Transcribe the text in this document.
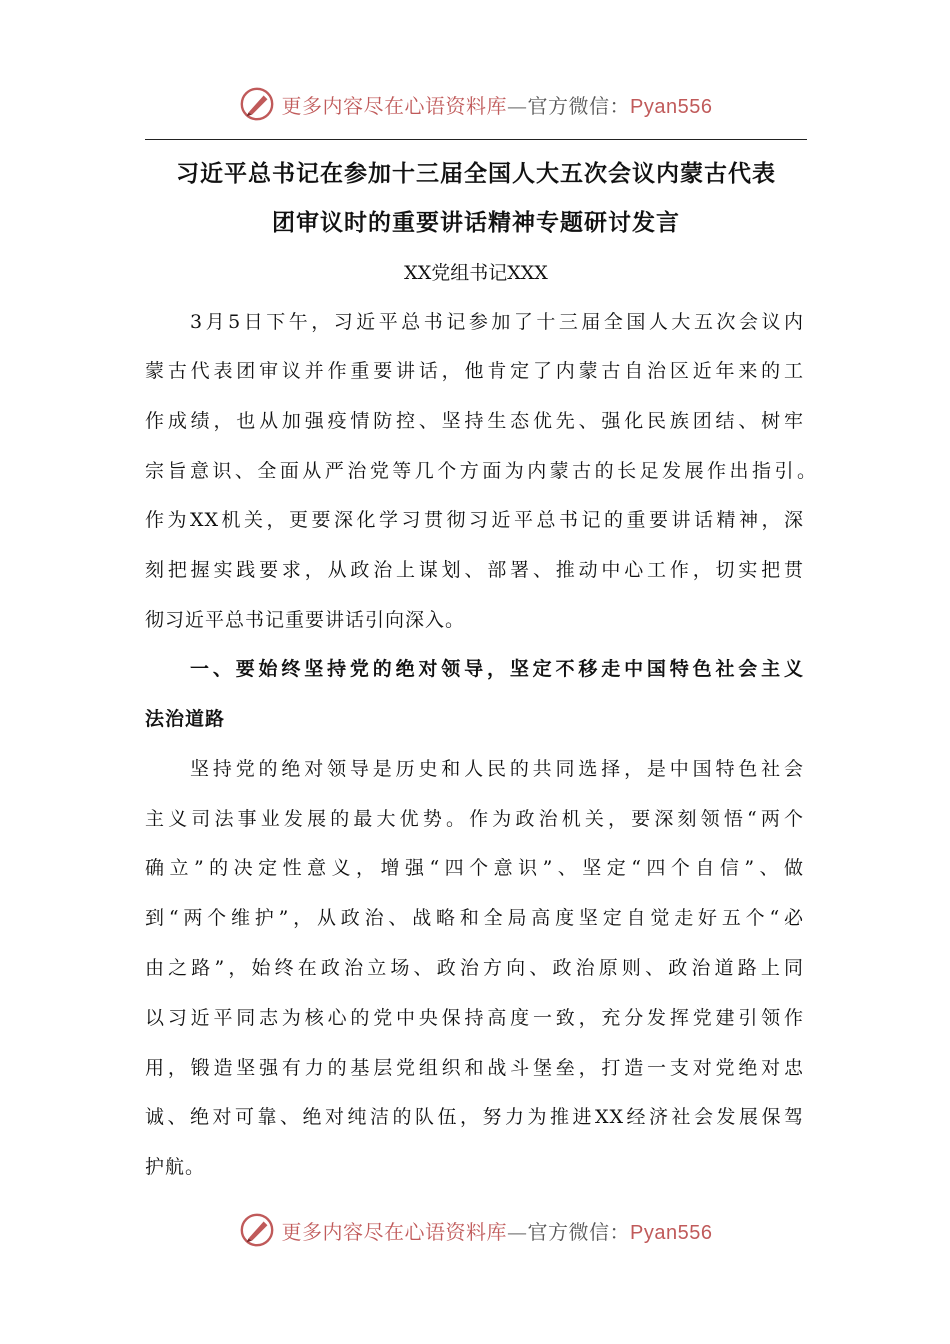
更多内容尽在心语资料库—官方微信：Pyan556
习近平总书记在参加十三届全国人大五次会议内蒙古代表
团审议时的重要讲话精神专题研讨发言
XX党组书记XXX
3月5日下午，习近平总书记参加了十三届全国人大五次会议内
蒙古代表团审议并作重要讲话，他肯定了内蒙古自治区近年来的工
作成绩，也从加强疫情防控、坚持生态优先、强化民族团结、树牢
宗旨意识、全面从严治党等几个方面为内蒙古的长足发展作出指引。
作为XX机关，更要深化学习贯彻习近平总书记的重要讲话精神，深
刻把握实践要求，从政治上谋划、部署、推动中心工作，切实把贯
彻习近平总书记重要讲话引向深入。
一、要始终坚持党的绝对领导，坚定不移走中国特色社会主义
法治道路
坚持党的绝对领导是历史和人民的共同选择，是中国特色社会
主义司法事业发展的最大优势。作为政治机关，要深刻领悟“两个
确立”的决定性意义，增强“四个意识”、坚定“四个自信”、做
到“两个维护”，从政治、战略和全局高度坚定自觉走好五个“必
由之路”，始终在政治立场、政治方向、政治原则、政治道路上同
以习近平同志为核心的党中央保持高度一致，充分发挥党建引领作
用，锻造坚强有力的基层党组织和战斗堡垒，打造一支对党绝对忠
诚、绝对可靠、绝对纯洁的队伍，努力为推进XX经济社会发展保驾
护航。
更多内容尽在心语资料库—官方微信：Pyan556
